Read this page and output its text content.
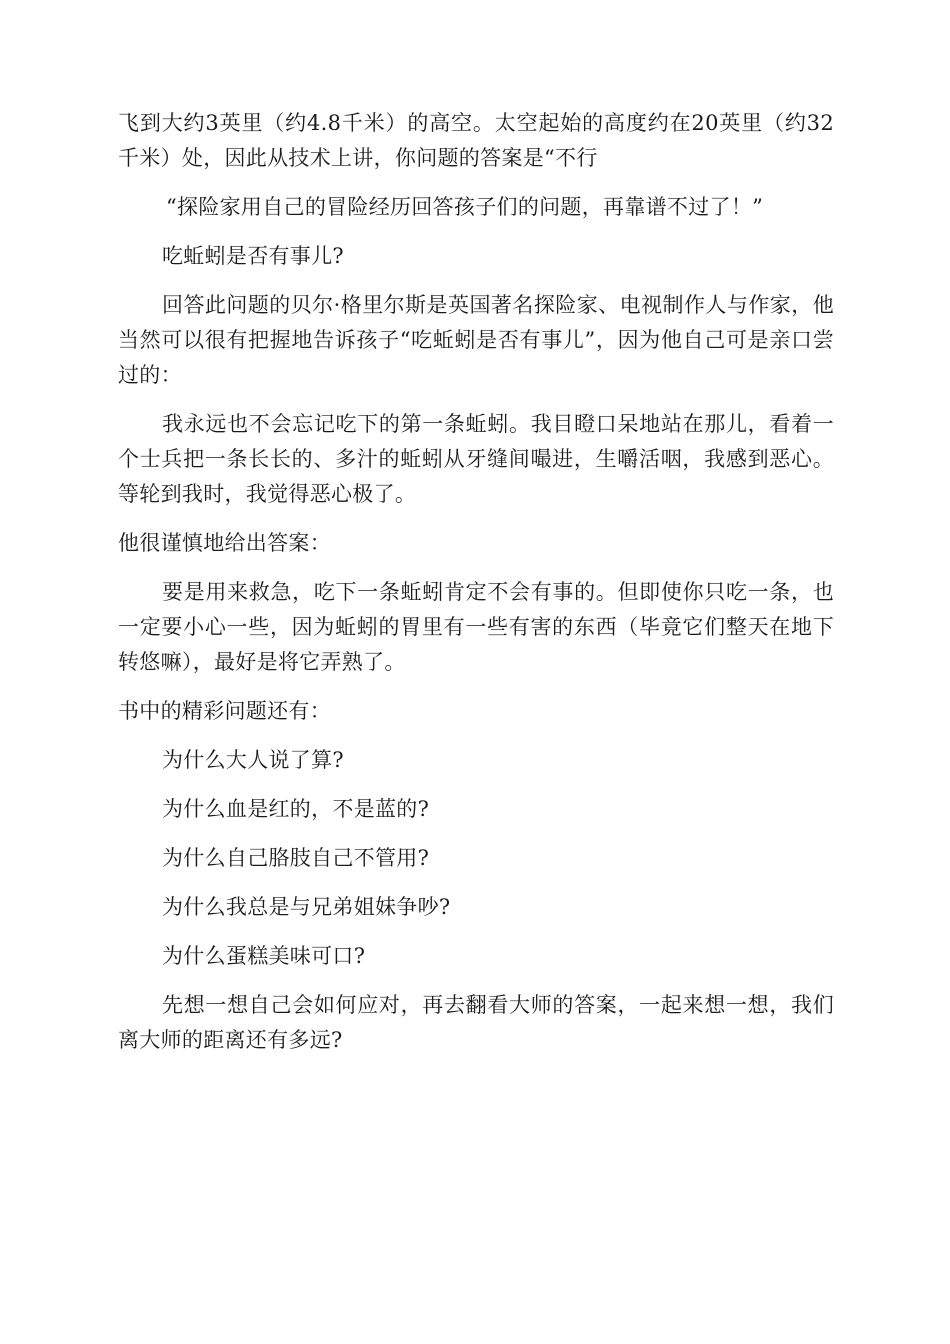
飞到大约3英里（约4.8千米）的高空。太空起始的高度约在20英里（约32千米）处，因此从技术上讲，你问题的答案是“不行

“探险家用自己的冒险经历回答孩子们的问题，再靠谱不过了！”

吃蚯蚓是否有事儿?

回答此问题的贝尔·格里尔斯是英国著名探险家、电视制作人与作家，他当然可以很有把握地告诉孩子“吃蚯蚓是否有事儿”，因为他自己可是亲口尝过的：

我永远也不会忘记吃下的第一条蚯蚓。我目瞪口呆地站在那儿，看着一个士兵把一条长长的、多汁的蚯蚓从牙缝间嘬进，生嚼活咽，我感到恶心。等轮到我时，我觉得恶心极了。

他很谨慎地给出答案：

要是用来救急，吃下一条蚯蚓肯定不会有事的。但即使你只吃一条，也一定要小心一些，因为蚯蚓的胃里有一些有害的东西（毕竟它们整天在地下转悠嘛），最好是将它弄熟了。

书中的精彩问题还有：

为什么大人说了算?

为什么血是红的，不是蓝的?

为什么自己胳肢自己不管用?

为什么我总是与兄弟姐妹争吵?

为什么蛋糕美味可口?

先想一想自己会如何应对，再去翻看大师的答案，一起来想一想，我们离大师的距离还有多远?
